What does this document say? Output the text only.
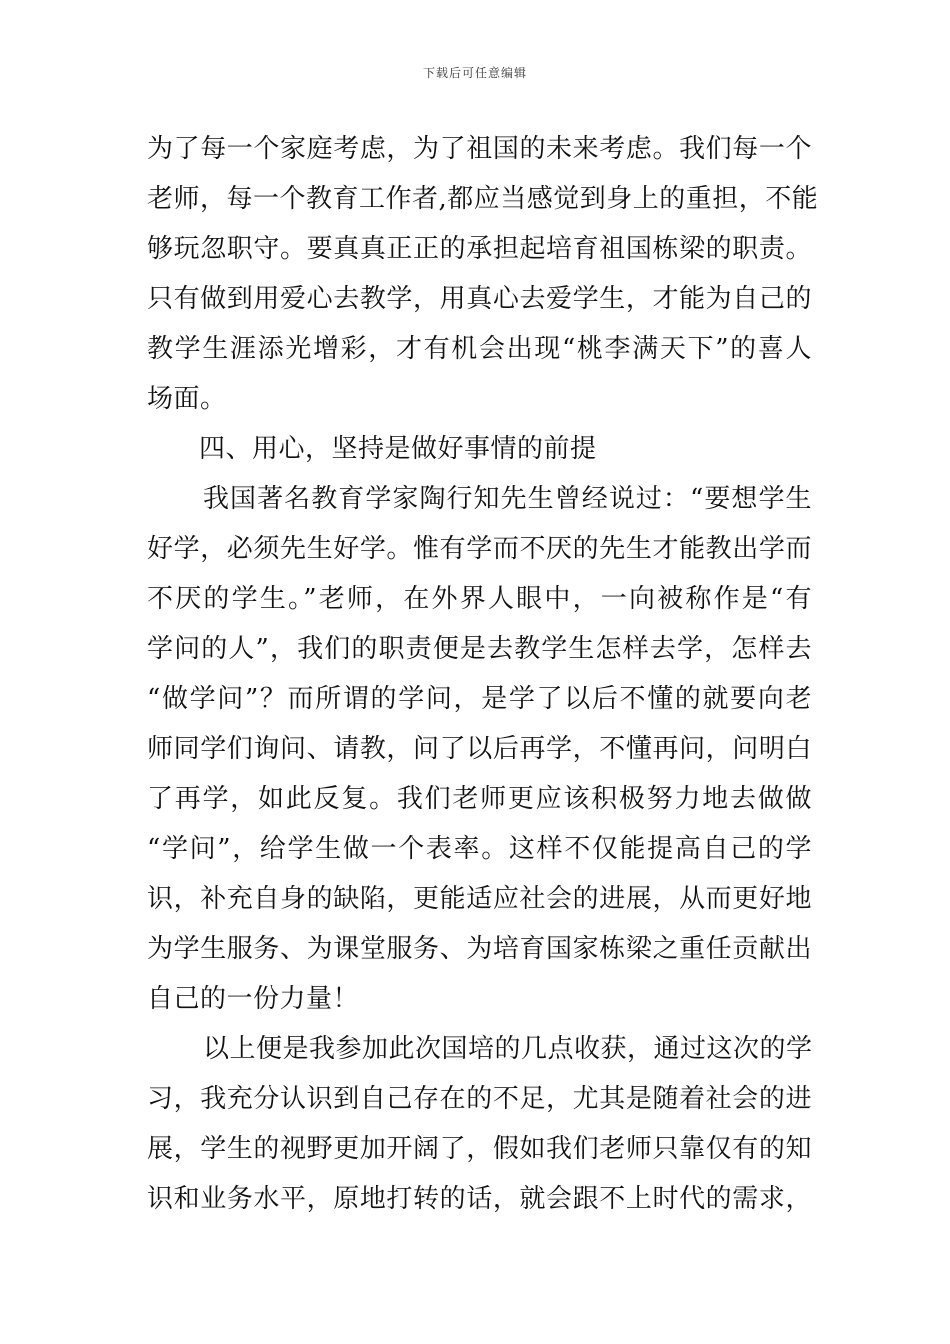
下载后可任意编辑
为了每一个家庭考虑，为了祖国的未来考虑。我们每一个
老师，每一个教育工作者,都应当感觉到身上的重担，不能
够玩忽职守。要真真正正的承担起培育祖国栋梁的职责。
只有做到用爱心去教学，用真心去爱学生，才能为自己的
教学生涯添光增彩，才有机会出现“桃李满天下”的喜人
场面。
四、用心，坚持是做好事情的前提
我国著名教育学家陶行知先生曾经说过：“要想学生
好学，必须先生好学。惟有学而不厌的先生才能教出学而
不厌的学生。”老师，在外界人眼中，一向被称作是“有
学问的人”，我们的职责便是去教学生怎样去学，怎样去
“做学问”？而所谓的学问，是学了以后不懂的就要向老
师同学们询问、请教，问了以后再学，不懂再问，问明白
了再学，如此反复。我们老师更应该积极努力地去做做
“学问”，给学生做一个表率。这样不仅能提高自己的学
识，补充自身的缺陷，更能适应社会的进展，从而更好地
为学生服务、为课堂服务、为培育国家栋梁之重任贡献出
自己的一份力量！
以上便是我参加此次国培的几点收获，通过这次的学
习，我充分认识到自己存在的不足，尤其是随着社会的进
展，学生的视野更加开阔了，假如我们老师只靠仅有的知
识和业务水平，原地打转的话，就会跟不上时代的需求，
